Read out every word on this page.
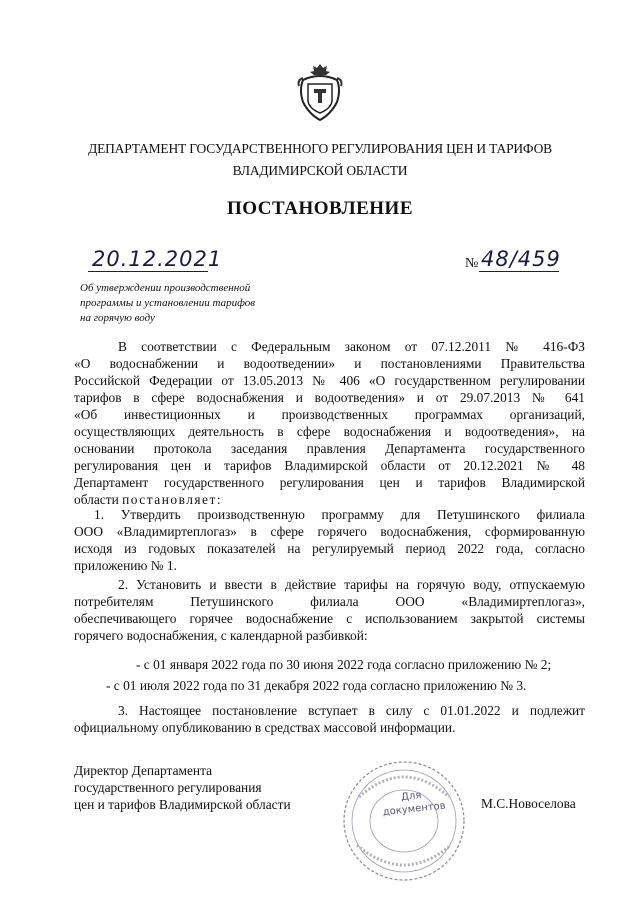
ДЕПАРТАМЕНТ ГОСУДАРСТВЕННОГО РЕГУЛИРОВАНИЯ ЦЕН И ТАРИФОВ
ВЛАДИМИРСКОЙ ОБЛАСТИ
ПОСТАНОВЛЕНИЕ
20.12.2021	№ 48/459
Об утверждении производственной
программы и установлении тарифов
на горячую воду
В соответствии с Федеральным законом от 07.12.2011 № 416-ФЗ
«О водоснабжении и водоотведении» и постановлениями Правительства
Российской Федерации от 13.05.2013 № 406 «О государственном регулировании
тарифов в сфере водоснабжения и водоотведения» и от 29.07.2013 № 641
«Об инвестиционных и производственных программах организаций,
осуществляющих деятельность в сфере водоснабжения и водоотведения», на
основании протокола заседания правления Департамента государственного
регулирования цен и тарифов Владимирской области от 20.12.2021 № 48
Департамент государственного регулирования цен и тарифов Владимирской
области постановляет:
1. Утвердить производственную программу для Петушинского филиала
ООО «Владимиртеплогаз» в сфере горячего водоснабжения, сформированную
исходя из годовых показателей на регулируемый период 2022 года, согласно
приложению № 1.
2. Установить и ввести в действие тарифы на горячую воду, отпускаемую
потребителям Петушинского филиала ООО «Владимиртеплогаз»,
обеспечивающего горячее водоснабжение с использованием закрытой системы
горячего водоснабжения, с календарной разбивкой:
- с 01 января 2022 года по 30 июня 2022 года согласно приложению № 2;
- с 01 июля 2022 года по 31 декабря 2022 года согласно приложению № 3.
3. Настоящее постановление вступает в силу с 01.01.2022 и подлежит
официальному опубликованию в средствах массовой информации.
Директор Департамента
государственного регулирования
цен и тарифов Владимирской области
Для
документов	М.С.Новоселова
